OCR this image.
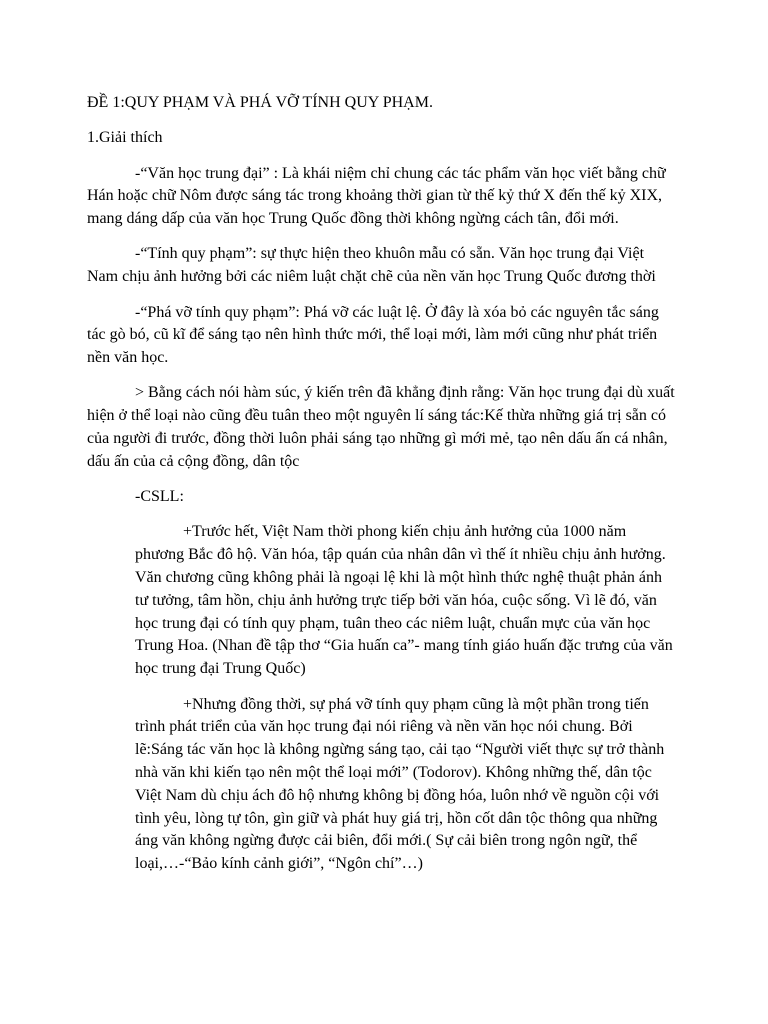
ĐỀ 1:QUY PHẠM VÀ PHÁ VỠ TÍNH QUY PHẠM.

1.Giải thích

-“Văn học trung đại” : Là khái niệm chỉ chung các tác phẩm văn học viết bằng chữ Hán hoặc chữ Nôm được sáng tác trong khoảng thời gian từ thế kỷ thứ X đến thế kỷ XIX, mang dáng dấp của văn học Trung Quốc đồng thời không ngừng cách tân, đổi mới.

-“Tính quy phạm”: sự thực hiện theo khuôn mẫu có sẵn. Văn học trung đại Việt Nam chịu ảnh hưởng bởi các niêm luật chặt chẽ của nền văn học Trung Quốc đương thời

-“Phá vỡ tính quy phạm”: Phá vỡ các luật lệ. Ở đây là xóa bỏ các nguyên tắc sáng tác gò bó, cũ kĩ để sáng tạo nên hình thức mới, thể loại mới, làm mới cũng như phát triển nền văn học.

> Bằng cách nói hàm súc, ý kiến trên đã khẳng định rằng: Văn học trung đại dù xuất hiện ở thể loại nào cũng đều tuân theo một nguyên lí sáng tác:Kế thừa những giá trị sẵn có của người đi trước, đồng thời luôn phải sáng tạo những gì mới mẻ, tạo nên dấu ấn cá nhân, dấu ấn của cả cộng đồng, dân tộc

-CSLL:

+Trước hết, Việt Nam thời phong kiến chịu ảnh hưởng của 1000 năm phương Bắc đô hộ. Văn hóa, tập quán của nhân dân vì thế ít nhiều chịu ảnh hưởng. Văn chương cũng không phải là ngoại lệ khi là một hình thức nghệ thuật phản ánh tư tưởng, tâm hồn, chịu ảnh hưởng trực tiếp bởi văn hóa, cuộc sống. Vì lẽ đó, văn học trung đại có tính quy phạm, tuân theo các niêm luật, chuẩn mực của văn học Trung Hoa. (Nhan đề tập thơ “Gia huấn ca”- mang tính giáo huấn đặc trưng của văn học trung đại Trung Quốc)

+Nhưng đồng thời, sự phá vỡ tính quy phạm cũng là một phần trong tiến trình phát triển của văn học trung đại nói riêng và nền văn học nói chung. Bởi lẽ:Sáng tác văn học là không ngừng sáng tạo, cải tạo “Người viết thực sự trở thành nhà văn khi kiến tạo nên một thể loại mới” (Todorov). Không những thế, dân tộc Việt Nam dù chịu ách đô hộ nhưng không bị đồng hóa, luôn nhớ về nguồn cội với tình yêu, lòng tự tôn, gìn giữ và phát huy giá trị, hồn cốt dân tộc thông qua những áng văn không ngừng được cải biên, đổi mới.( Sự cải biên trong ngôn ngữ, thể loại,…-“Bảo kính cảnh giới”, “Ngôn chí”…)
